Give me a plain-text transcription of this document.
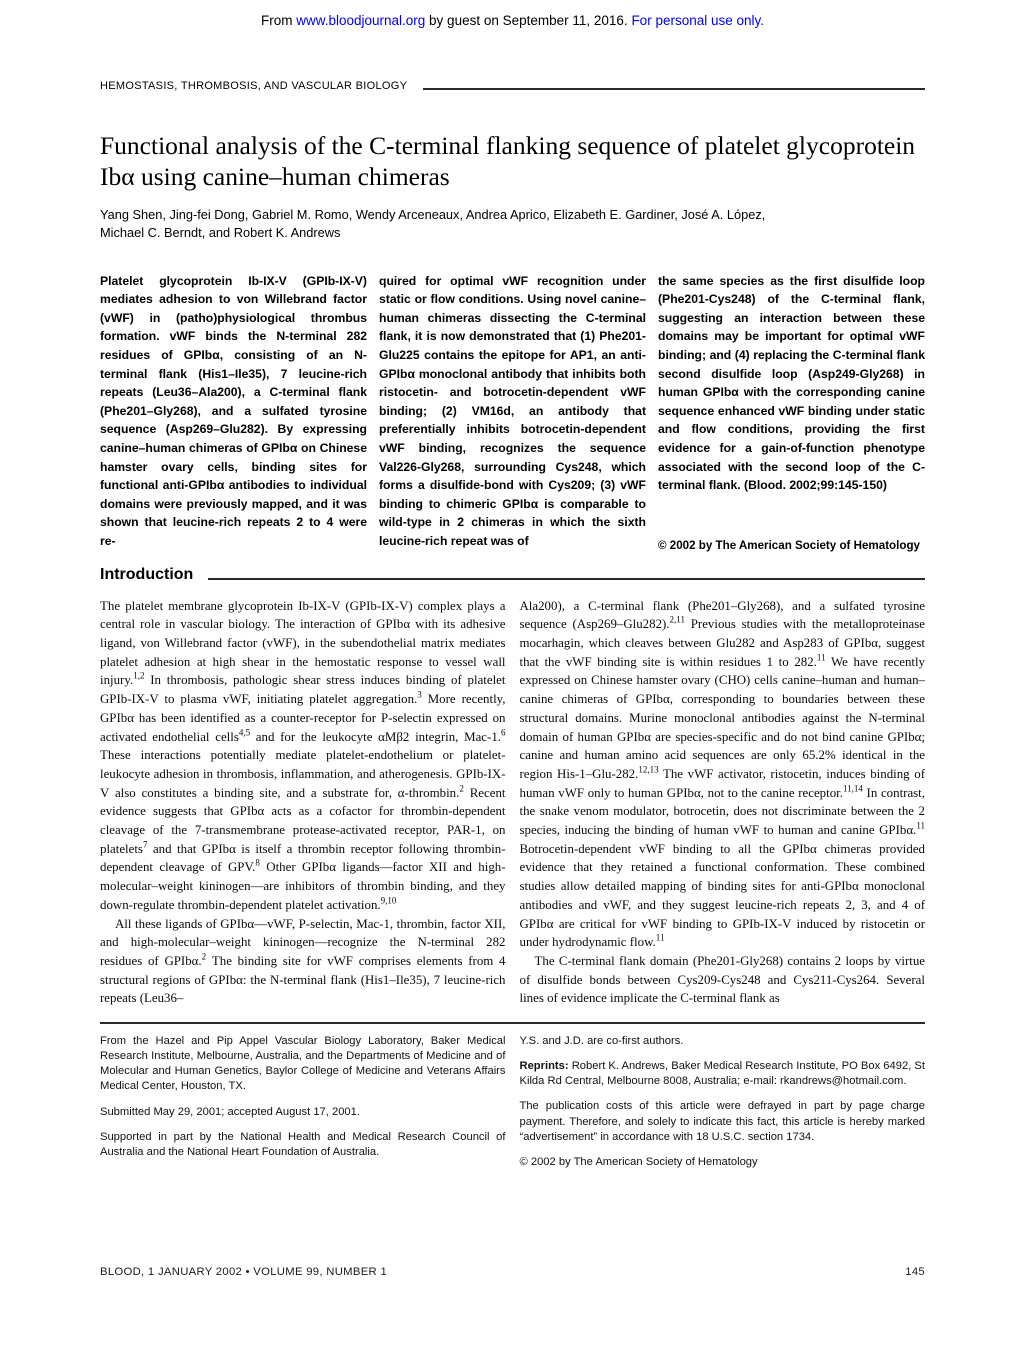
From www.bloodjournal.org by guest on September 11, 2016. For personal use only.
HEMOSTASIS, THROMBOSIS, AND VASCULAR BIOLOGY
Functional analysis of the C-terminal flanking sequence of platelet glycoprotein
Ibα using canine–human chimeras
Yang Shen, Jing-fei Dong, Gabriel M. Romo, Wendy Arceneaux, Andrea Aprico, Elizabeth E. Gardiner, José A. López,
Michael C. Berndt, and Robert K. Andrews
Platelet glycoprotein Ib-IX-V (GPIb-IX-V) mediates adhesion to von Willebrand factor (vWF) in (patho)physiological thrombus formation. vWF binds the N-terminal 282 residues of GPIbα, consisting of an N-terminal flank (His1–Ile35), 7 leucine-rich repeats (Leu36–Ala200), a C-terminal flank (Phe201–Gly268), and a sulfated tyrosine sequence (Asp269–Glu282). By expressing canine–human chimeras of GPIbα on Chinese hamster ovary cells, binding sites for functional anti-GPIbα antibodies to individual domains were previously mapped, and it was shown that leucine-rich repeats 2 to 4 were re-
quired for optimal vWF recognition under static or flow conditions. Using novel canine–human chimeras dissecting the C-terminal flank, it is now demonstrated that (1) Phe201-Glu225 contains the epitope for AP1, an anti-GPIbα monoclonal antibody that inhibits both ristocetin- and botrocetin-dependent vWF binding; (2) VM16d, an antibody that preferentially inhibits botrocetin-dependent vWF binding, recognizes the sequence Val226-Gly268, surrounding Cys248, which forms a disulfide-bond with Cys209; (3) vWF binding to chimeric GPIbα is comparable to wild-type in 2 chimeras in which the sixth leucine-rich repeat was of
the same species as the first disulfide loop (Phe201-Cys248) of the C-terminal flank, suggesting an interaction between these domains may be important for optimal vWF binding; and (4) replacing the C-terminal flank second disulfide loop (Asp249-Gly268) in human GPIbα with the corresponding canine sequence enhanced vWF binding under static and flow conditions, providing the first evidence for a gain-of-function phenotype associated with the second loop of the C-terminal flank. (Blood. 2002;99:145-150)
© 2002 by The American Society of Hematology
Introduction

The platelet membrane glycoprotein Ib-IX-V (GPIb-IX-V) complex plays a central role in vascular biology. The interaction of GPIbα with its adhesive ligand, von Willebrand factor (vWF), in the subendothelial matrix mediates platelet adhesion at high shear in the hemostatic response to vessel wall injury.$^{1,2}$ In thrombosis, pathologic shear stress induces binding of platelet GPIb-IX-V to plasma vWF, initiating platelet aggregation.$^3$ More recently, GPIbα has been identified as a counter-receptor for P-selectin expressed on activated endothelial cells$^{4,5}$ and for the leukocyte αMβ2 integrin, Mac-1.$^6$ These interactions potentially mediate platelet-endothelium or platelet-leukocyte adhesion in thrombosis, inflammation, and atherogenesis. GPIb-IX-V also constitutes a binding site, and a substrate for, α-thrombin.$^2$ Recent evidence suggests that GPIbα acts as a cofactor for thrombin-dependent cleavage of the 7-transmembrane protease-activated receptor, PAR-1, on platelets$^7$ and that GPIbα is itself a thrombin receptor following thrombin-dependent cleavage of GPV.$^8$ Other GPIbα ligands—factor XII and high-molecular–weight kininogen—are inhibitors of thrombin binding, and they down-regulate thrombin-dependent platelet activation.$^{9,10}$

All these ligands of GPIbα—vWF, P-selectin, Mac-1, thrombin, factor XII, and high-molecular–weight kininogen—recognize the N-terminal 282 residues of GPIbα.$^2$ The binding site for vWF comprises elements from 4 structural regions of GPIbα: the N-terminal flank (His1–Ile35), 7 leucine-rich repeats (Leu36–

Ala200), a C-terminal flank (Phe201–Gly268), and a sulfated tyrosine sequence (Asp269–Glu282).$^{2,11}$ Previous studies with the metalloproteinase mocarhagin, which cleaves between Glu282 and Asp283 of GPIbα, suggest that the vWF binding site is within residues 1 to 282.11 We have recently expressed on Chinese hamster ovary (CHO) cells canine–human and human–canine chimeras of GPIbα, corresponding to boundaries between these structural domains. Murine monoclonal antibodies against the N-terminal domain of human GPIbα are species-specific and do not bind canine GPIbα; canine and human amino acid sequences are only 65.2% identical in the region His-1–Glu-282.$^{12,13}$ The vWF activator, ristocetin, induces binding of human vWF only to human GPIbα, not to the canine receptor.$^{11,14}$ In contrast, the snake venom modulator, botrocetin, does not discriminate between the 2 species, inducing the binding of human vWF to human and canine GPIbα.$^{11}$ Botrocetin-dependent vWF binding to all the GPIbα chimeras provided evidence that they retained a functional conformation. These combined studies allow detailed mapping of binding sites for anti-GPIbα monoclonal antibodies and vWF, and they suggest leucine-rich repeats 2, 3, and 4 of GPIbα are critical for vWF binding to GPIb-IX-V induced by ristocetin or under hydrodynamic flow.$^{11}$

The C-terminal flank domain (Phe201-Gly268) contains 2 loops by virtue of disulfide bonds between Cys209-Cys248 and Cys211-Cys264. Several lines of evidence implicate the C-terminal flank as

From the Hazel and Pip Appel Vascular Biology Laboratory, Baker Medical Research Institute, Melbourne, Australia, and the Departments of Medicine and of Molecular and Human Genetics, Baylor College of Medicine and Veterans Affairs Medical Center, Houston, TX.

Submitted May 29, 2001; accepted August 17, 2001.

Supported in part by the National Health and Medical Research Council of Australia and the National Heart Foundation of Australia.

Y.S. and J.D. are co-first authors.

Reprints: Robert K. Andrews, Baker Medical Research Institute, PO Box 6492, St Kilda Rd Central, Melbourne 8008, Australia; e-mail: rkandrews@hotmail.com.

The publication costs of this article were defrayed in part by page charge payment. Therefore, and solely to indicate this fact, this article is hereby marked “advertisement” in accordance with 18 U.S.C. section 1734.

© 2002 by The American Society of Hematology

BLOOD, 1 JANUARY 2002 • VOLUME 99, NUMBER 1	145
